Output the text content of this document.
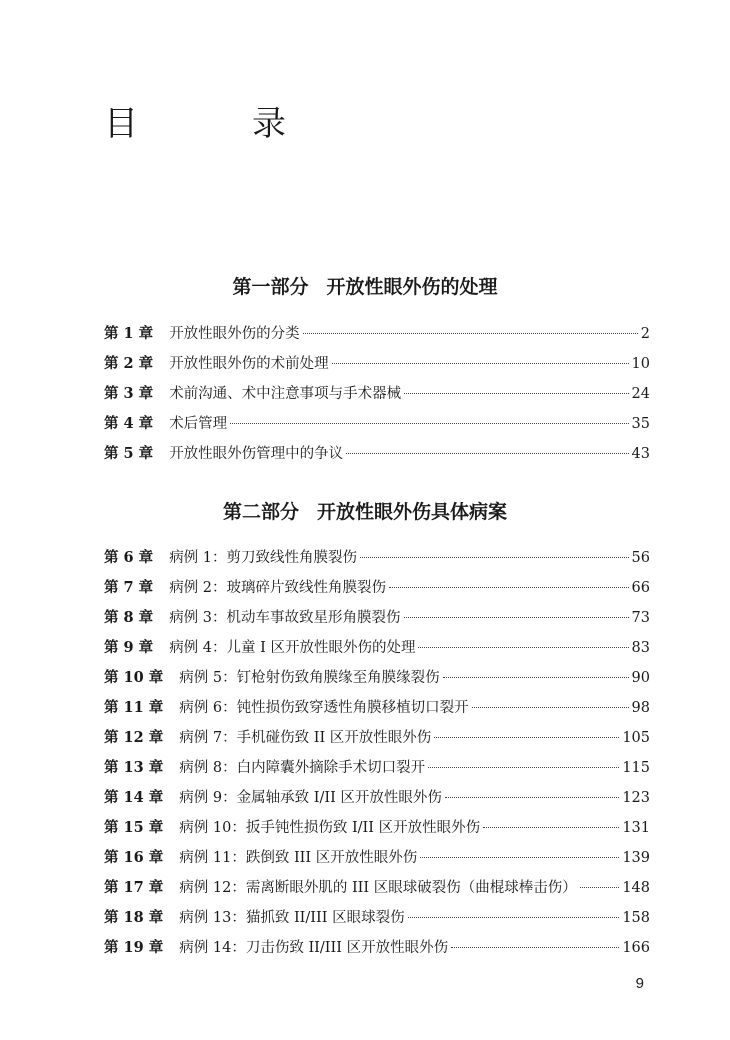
目　录
第一部分 开放性眼外伤的处理
第 1 章 开放性眼外伤的分类	2
第 2 章 开放性眼外伤的术前处理	10
第 3 章 术前沟通、术中注意事项与手术器械	24
第 4 章 术后管理	35
第 5 章 开放性眼外伤管理中的争议	43
第二部分 开放性眼外伤具体病案
第 6 章 病例 1：剪刀致线性角膜裂伤	56
第 7 章 病例 2：玻璃碎片致线性角膜裂伤	66
第 8 章 病例 3：机动车事故致星形角膜裂伤	73
第 9 章 病例 4：儿童 I 区开放性眼外伤的处理	83
第 10 章 病例 5：钉枪射伤致角膜缘至角膜缘裂伤	90
第 11 章 病例 6：钝性损伤致穿透性角膜移植切口裂开	98
第 12 章 病例 7：手机碰伤致 II 区开放性眼外伤	105
第 13 章 病例 8：白内障囊外摘除手术切口裂开	115
第 14 章 病例 9：金属轴承致 I/II 区开放性眼外伤	123
第 15 章 病例 10：扳手钝性损伤致 I/II 区开放性眼外伤	131
第 16 章 病例 11：跌倒致 III 区开放性眼外伤	139
第 17 章 病例 12：需离断眼外肌的 III 区眼球破裂伤（曲棍球棒击伤）	148
第 18 章 病例 13：猫抓致 II/III 区眼球裂伤	158
第 19 章 病例 14：刀击伤致 II/III 区开放性眼外伤	166
9
